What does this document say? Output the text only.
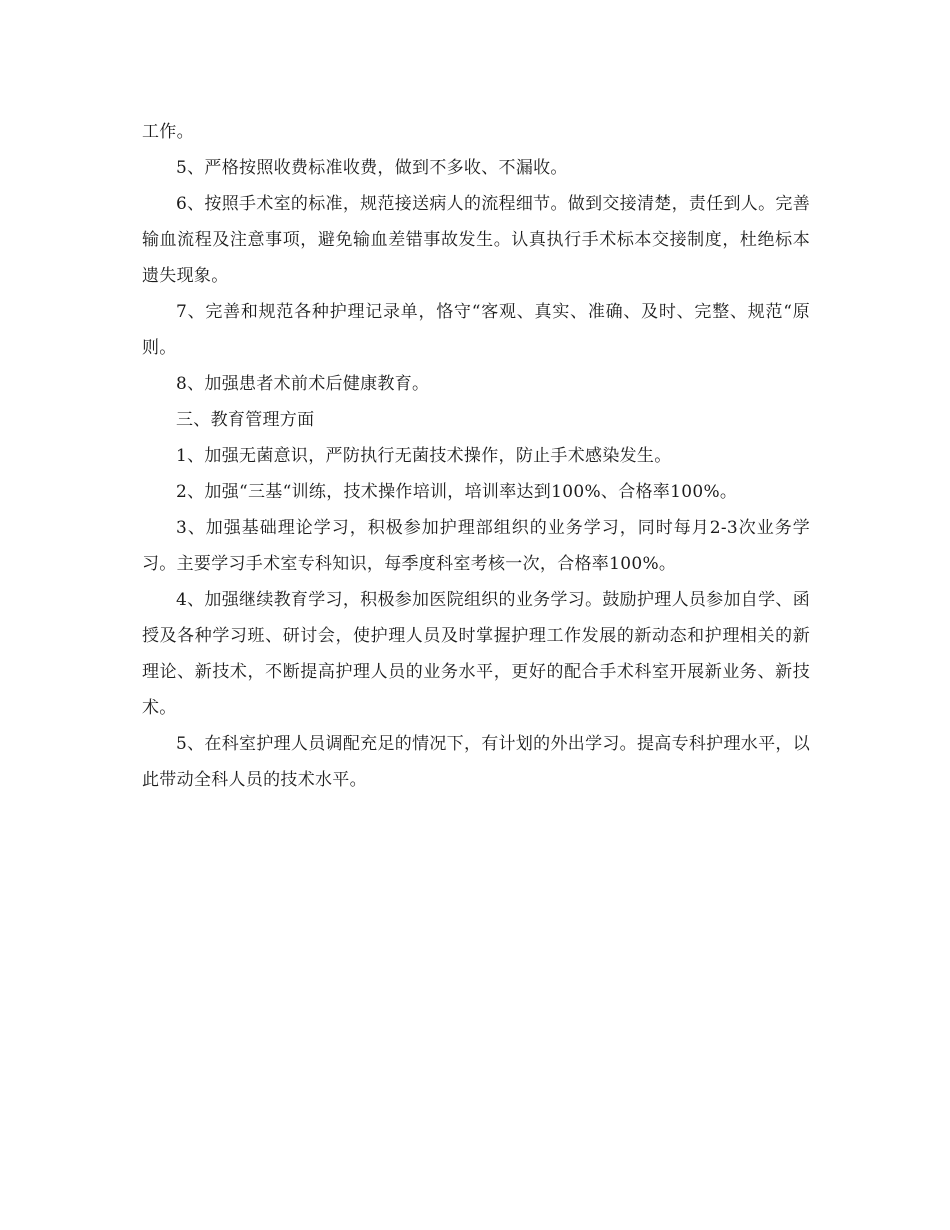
工作。

5、严格按照收费标准收费，做到不多收、不漏收。

6、按照手术室的标准，规范接送病人的流程细节。做到交接清楚，责任到人。完善输血流程及注意事项，避免输血差错事故发生。认真执行手术标本交接制度，杜绝标本遗失现象。

7、完善和规范各种护理记录单，恪守“客观、真实、准确、及时、完整、规范“原则。

8、加强患者术前术后健康教育。

三、教育管理方面

1、加强无菌意识，严防执行无菌技术操作，防止手术感染发生。

2、加强“三基“训练，技术操作培训，培训率达到100%、合格率100%。

3、加强基础理论学习，积极参加护理部组织的业务学习，同时每月2-3次业务学习。主要学习手术室专科知识，每季度科室考核一次，合格率100%。

4、加强继续教育学习，积极参加医院组织的业务学习。鼓励护理人员参加自学、函授及各种学习班、研讨会，使护理人员及时掌握护理工作发展的新动态和护理相关的新理论、新技术，不断提高护理人员的业务水平，更好的配合手术科室开展新业务、新技术。

5、在科室护理人员调配充足的情况下，有计划的外出学习。提高专科护理水平，以此带动全科人员的技术水平。
